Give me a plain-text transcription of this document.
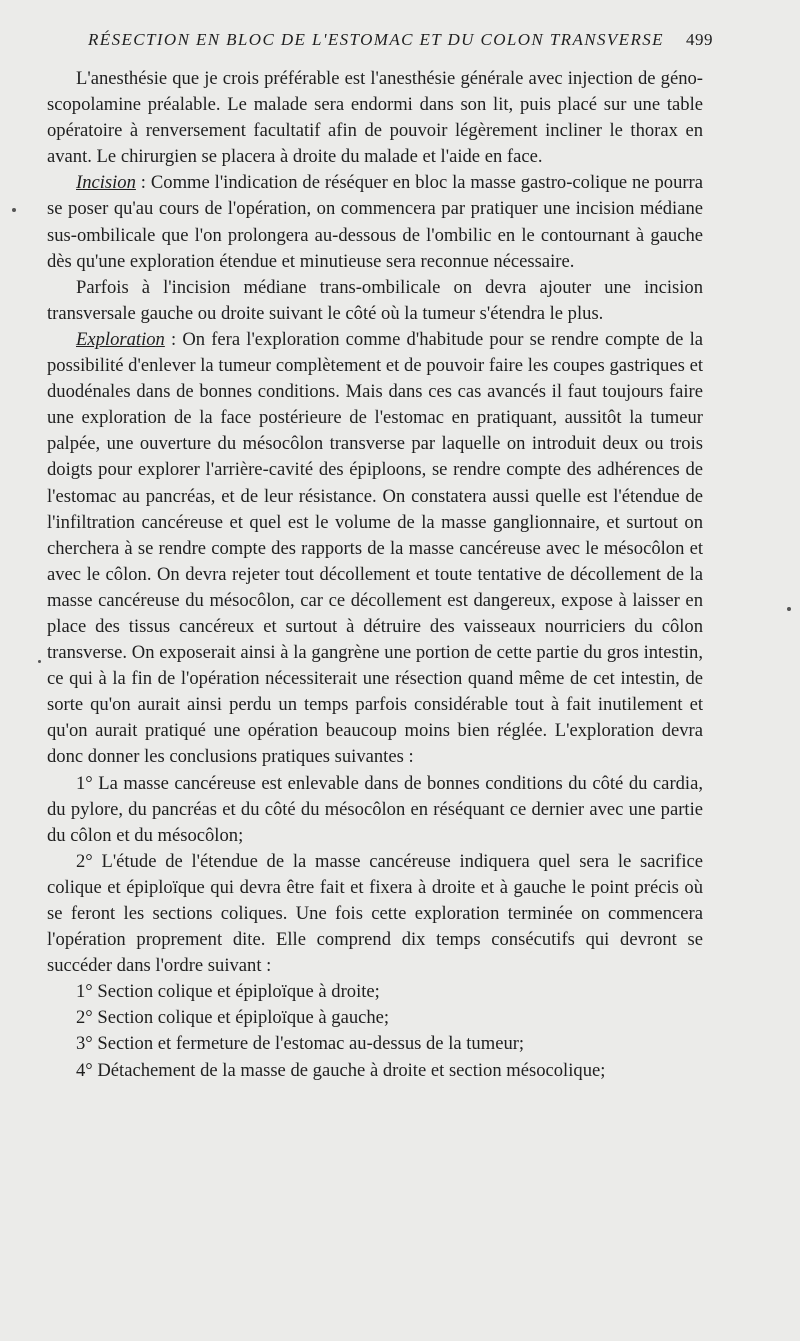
RÉSECTION EN BLOC DE L'ESTOMAC ET DU COLON TRANSVERSE 499

L'anesthésie que je crois préférable est l'anesthésie générale avec injection de géno-scopolamine préalable. Le malade sera endormi dans son lit, puis placé sur une table opératoire à renversement facultatif afin de pouvoir légèrement incliner le thorax en avant. Le chirurgien se placera à droite du malade et l'aide en face.

Incision : Comme l'indication de réséquer en bloc la masse gastro-colique ne pourra se poser qu'au cours de l'opération, on commencera par pratiquer une incision médiane sus-ombilicale que l'on prolongera au-dessous de l'ombilic en le contournant à gauche dès qu'une exploration étendue et minutieuse sera reconnue nécessaire.

Parfois à l'incision médiane trans-ombilicale on devra ajouter une incision transversale gauche ou droite suivant le côté où la tumeur s'étendra le plus.

Exploration : On fera l'exploration comme d'habitude pour se rendre compte de la possibilité d'enlever la tumeur complètement et de pouvoir faire les coupes gastriques et duodénales dans de bonnes conditions. Mais dans ces cas avancés il faut toujours faire une exploration de la face postérieure de l'estomac en pratiquant, aussitôt la tumeur palpée, une ouverture du mésocôlon transverse par laquelle on introduit deux ou trois doigts pour explorer l'arrière-cavité des épiploons, se rendre compte des adhérences de l'estomac au pancréas, et de leur résistance. On constatera aussi quelle est l'étendue de l'infiltration cancéreuse et quel est le volume de la masse ganglionnaire, et surtout on cherchera à se rendre compte des rapports de la masse cancéreuse avec le mésocôlon et avec le côlon. On devra rejeter tout décollement et toute tentative de décollement de la masse cancéreuse du mésocôlon, car ce décollement est dangereux, expose à laisser en place des tissus cancéreux et surtout à détruire des vaisseaux nourriciers du côlon transverse. On exposerait ainsi à la gangrène une portion de cette partie du gros intestin, ce qui à la fin de l'opération nécessiterait une résection quand même de cet intestin, de sorte qu'on aurait ainsi perdu un temps parfois considérable tout à fait inutilement et qu'on aurait pratiqué une opération beaucoup moins bien réglée. L'exploration devra donc donner les conclusions pratiques suivantes :

1° La masse cancéreuse est enlevable dans de bonnes conditions du côté du cardia, du pylore, du pancréas et du côté du mésocôlon en réséquant ce dernier avec une partie du côlon et du mésocôlon;

2° L'étude de l'étendue de la masse cancéreuse indiquera quel sera le sacrifice colique et épiploïque qui devra être fait et fixera à droite et à gauche le point précis où se feront les sections coliques. Une fois cette exploration terminée on commencera l'opération proprement dite. Elle comprend dix temps consécutifs qui devront se succéder dans l'ordre suivant :

1° Section colique et épiploïque à droite;

2° Section colique et épiploïque à gauche;

3° Section et fermeture de l'estomac au-dessus de la tumeur;

4° Détachement de la masse de gauche à droite et section mésocolique;
